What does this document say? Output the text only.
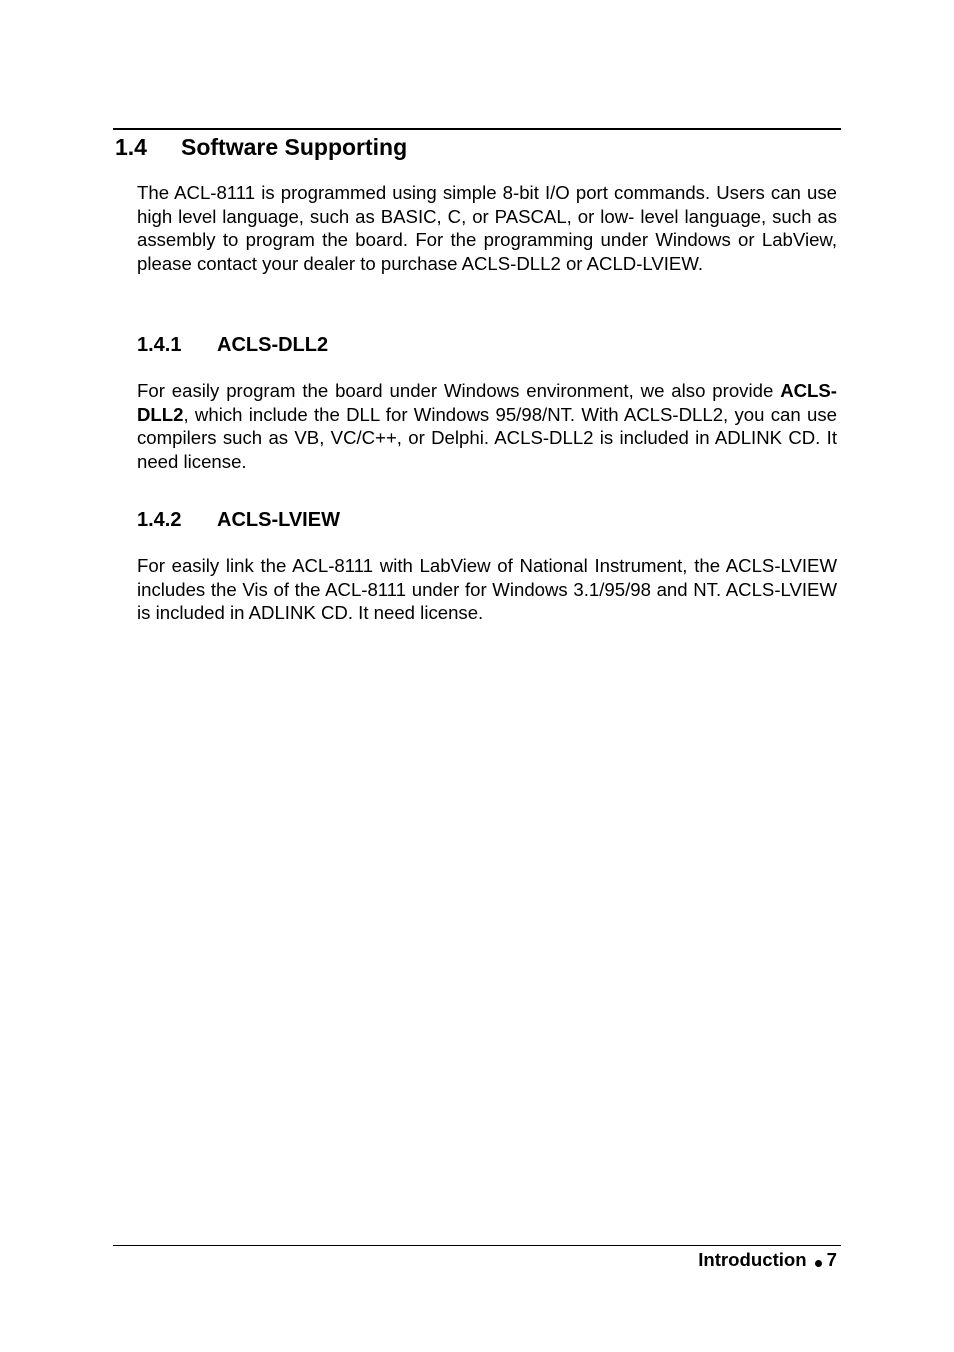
1.4 Software Supporting

The ACL-8111 is programmed using simple 8-bit I/O port commands. Users can use high level language, such as BASIC, C, or PASCAL, or low- level language, such as assembly to program the board. For the programming under Windows or LabView, please contact your dealer to purchase ACLS-DLL2 or ACLD-LVIEW.

1.4.1 ACLS-DLL2

For easily program the board under Windows environment, we also provide ACLS-DLL2, which include the DLL for Windows 95/98/NT. With ACLS-DLL2, you can use compilers such as VB, VC/C++, or Delphi. ACLS-DLL2 is included in ADLINK CD. It need license.

1.4.2 ACLS-LVIEW

For easily link the ACL-8111 with LabView of National Instrument, the ACLS-LVIEW includes the Vis of the ACL-8111 under for Windows 3.1/95/98 and NT. ACLS-LVIEW is included in ADLINK CD. It need license.

Introduction 7
